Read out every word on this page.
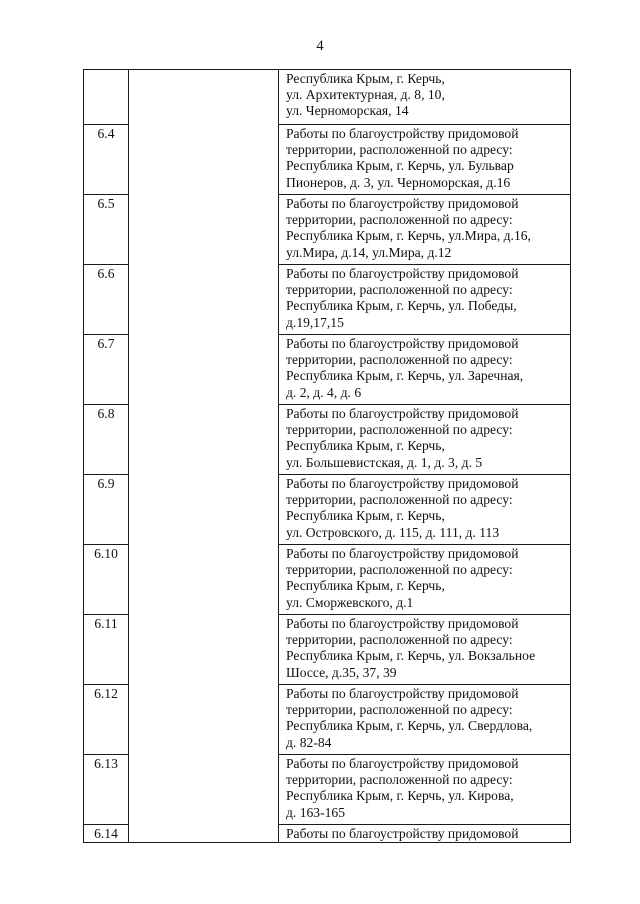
4

		Республика Крым, г. Керчь,
ул. Архитектурная, д. 8, 10,
ул. Черноморская, 14

6.4		Работы по благоустройству придомовой
территории, расположенной по адресу:
Республика Крым, г. Керчь, ул. Бульвар
Пионеров, д. 3, ул. Черноморская, д.16

6.5		Работы по благоустройству придомовой
территории, расположенной по адресу:
Республика Крым, г. Керчь, ул.Мира, д.16,
ул.Мира, д.14, ул.Мира, д.12

6.6		Работы по благоустройству придомовой
территории, расположенной по адресу:
Республика Крым, г. Керчь, ул. Победы,
д.19,17,15

6.7		Работы по благоустройству придомовой
территории, расположенной по адресу:
Республика Крым, г. Керчь, ул. Заречная,
д. 2, д. 4, д. 6

6.8		Работы по благоустройству придомовой
территории, расположенной по адресу:
Республика Крым, г. Керчь,
ул. Большевистская, д. 1, д. 3, д. 5

6.9		Работы по благоустройству придомовой
территории, расположенной по адресу:
Республика Крым, г. Керчь,
ул. Островского, д. 115, д. 111, д. 113

6.10		Работы по благоустройству придомовой
территории, расположенной по адресу:
Республика Крым, г. Керчь,
ул. Сморжевского, д.1

6.11		Работы по благоустройству придомовой
территории, расположенной по адресу:
Республика Крым, г. Керчь, ул. Вокзальное
Шоссе, д.35, 37, 39

6.12		Работы по благоустройству придомовой
территории, расположенной по адресу:
Республика Крым, г. Керчь, ул. Свердлова,
д. 82-84

6.13		Работы по благоустройству придомовой
территории, расположенной по адресу:
Республика Крым, г. Керчь, ул. Кирова,
д. 163-165

6.14		Работы по благоустройству придомовой
